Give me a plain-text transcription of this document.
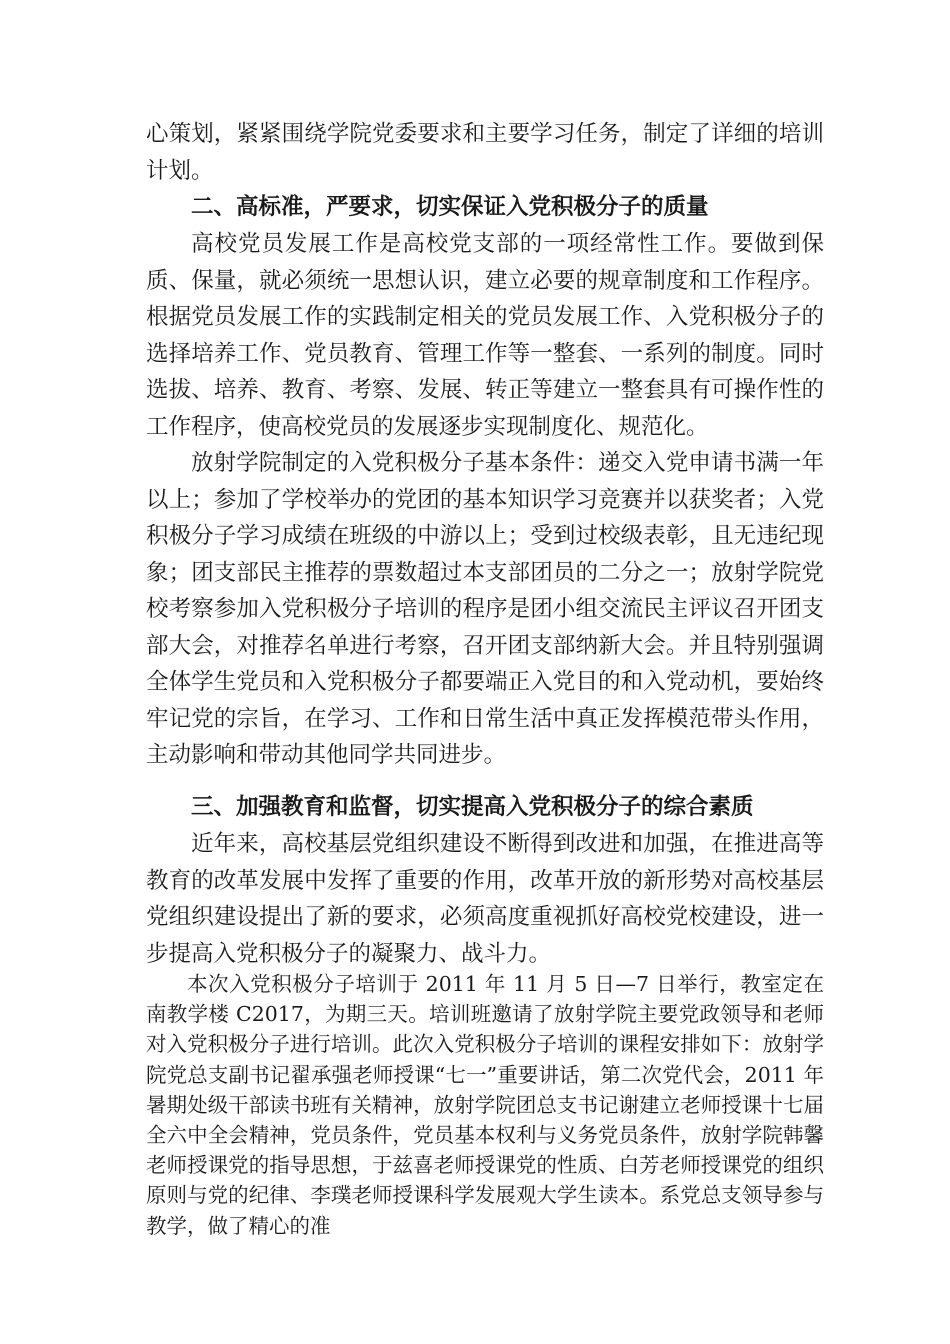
心策划，紧紧围绕学院党委要求和主要学习任务，制定了详细的培训计划。

二、高标准，严要求，切实保证入党积极分子的质量

高校党员发展工作是高校党支部的一项经常性工作。要做到保质、保量，就必须统一思想认识，建立必要的规章制度和工作程序。根据党员发展工作的实践制定相关的党员发展工作、入党积极分子的选择培养工作、党员教育、管理工作等一整套、一系列的制度。同时选拔、培养、教育、考察、发展、转正等建立一整套具有可操作性的工作程序，使高校党员的发展逐步实现制度化、规范化。

放射学院制定的入党积极分子基本条件：递交入党申请书满一年以上；参加了学校举办的党团的基本知识学习竞赛并以获奖者；入党积极分子学习成绩在班级的中游以上；受到过校级表彰，且无违纪现象；团支部民主推荐的票数超过本支部团员的二分之一；放射学院党校考察参加入党积极分子培训的程序是团小组交流民主评议召开团支部大会，对推荐名单进行考察，召开团支部纳新大会。并且特别强调全体学生党员和入党积极分子都要端正入党目的和入党动机，要始终牢记党的宗旨，在学习、工作和日常生活中真正发挥模范带头作用，主动影响和带动其他同学共同进步。

三、加强教育和监督，切实提高入党积极分子的综合素质

近年来，高校基层党组织建设不断得到改进和加强，在推进高等教育的改革发展中发挥了重要的作用，改革开放的新形势对高校基层党组织建设提出了新的要求，必须高度重视抓好高校党校建设，进一步提高入党积极分子的凝聚力、战斗力。

本次入党积极分子培训于 2011 年 11 月 5 日—7 日举行，教室定在南教学楼 C2017，为期三天。培训班邀请了放射学院主要党政领导和老师对入党积极分子进行培训。此次入党积极分子培训的课程安排如下：放射学院党总支副书记翟承强老师授课“七一”重要讲话，第二次党代会，2011 年暑期处级干部读书班有关精神，放射学院团总支书记谢建立老师授课十七届全六中全会精神，党员条件，党员基本权利与义务党员条件，放射学院韩馨老师授课党的指导思想，于兹喜老师授课党的性质、白芳老师授课党的组织原则与党的纪律、李璞老师授课科学发展观大学生读本。系党总支领导参与教学，做了精心的准
